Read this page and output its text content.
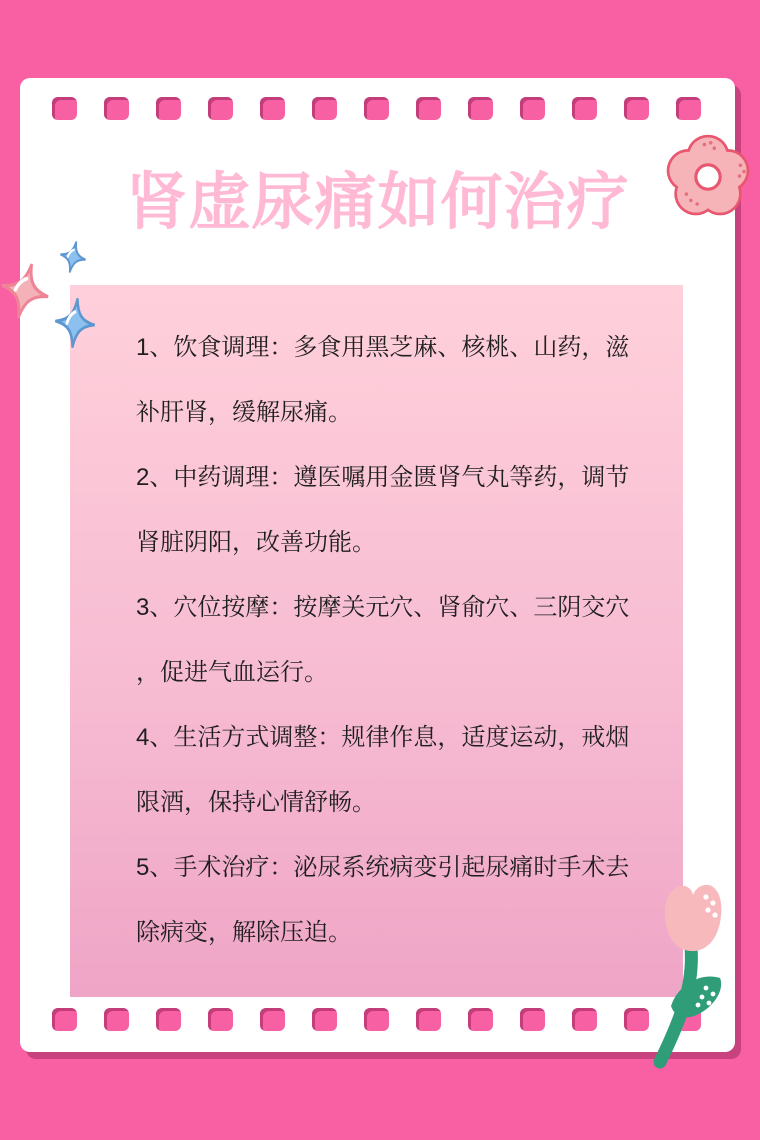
肾虚尿痛如何治疗
1、饮食调理：多食用黑芝麻、核桃、山药，滋
补肝肾，缓解尿痛。
2、中药调理：遵医嘱用金匮肾气丸等药，调节
肾脏阴阳，改善功能。
3、穴位按摩：按摩关元穴、肾俞穴、三阴交穴
，促进气血运行。
4、生活方式调整：规律作息，适度运动，戒烟
限酒，保持心情舒畅。
5、手术治疗：泌尿系统病变引起尿痛时手术去
除病变，解除压迫。
